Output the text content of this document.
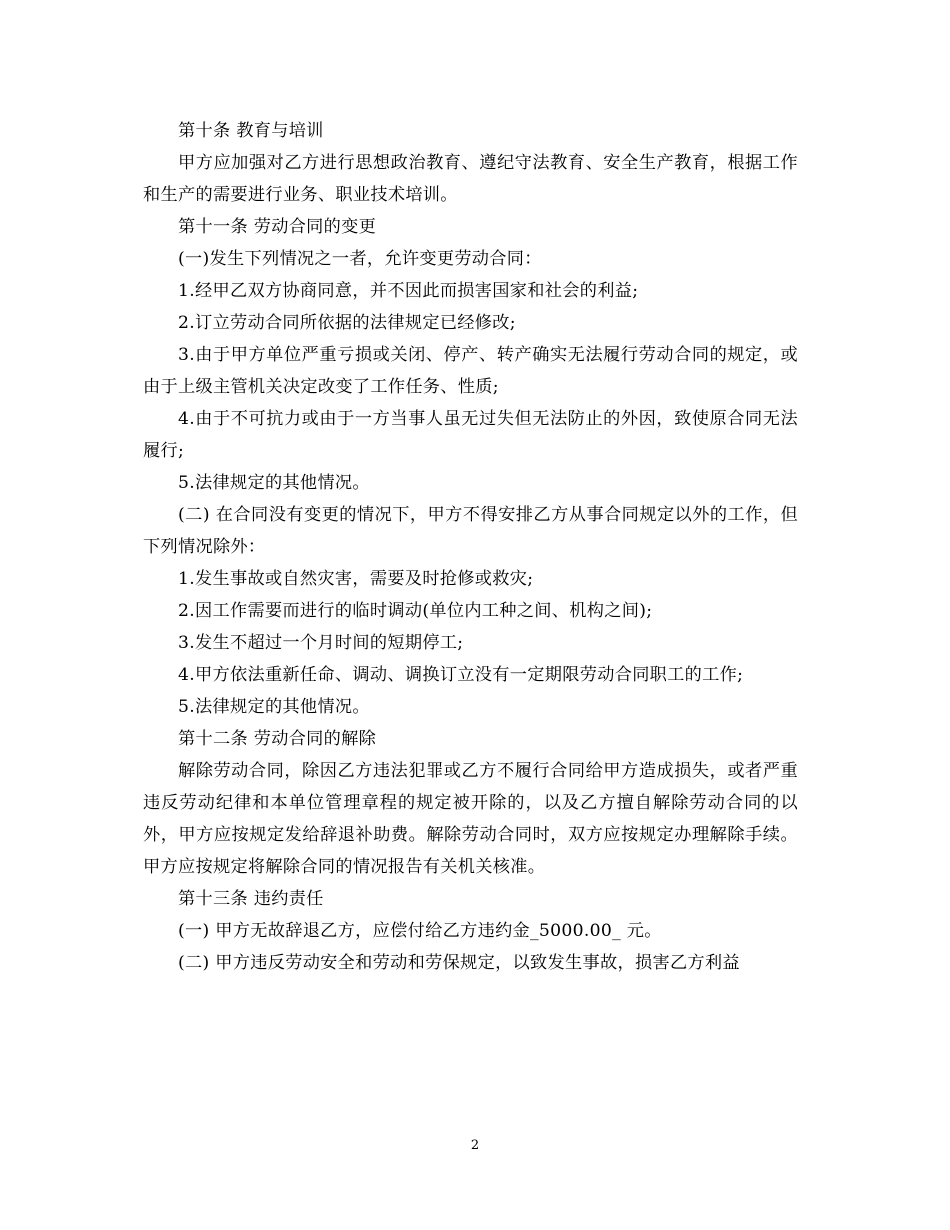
第十条 教育与培训

甲方应加强对乙方进行思想政治教育、遵纪守法教育、安全生产教育，根据工作和生产的需要进行业务、职业技术培训。

第十一条 劳动合同的变更

(一)发生下列情况之一者，允许变更劳动合同：

1.经甲乙双方协商同意，并不因此而损害国家和社会的利益;

2.订立劳动合同所依据的法律规定已经修改;

3.由于甲方单位严重亏损或关闭、停产、转产确实无法履行劳动合同的规定，或由于上级主管机关决定改变了工作任务、性质;

4.由于不可抗力或由于一方当事人虽无过失但无法防止的外因，致使原合同无法履行;

5.法律规定的其他情况。

(二) 在合同没有变更的情况下，甲方不得安排乙方从事合同规定以外的工作，但下列情况除外：

1.发生事故或自然灾害，需要及时抢修或救灾;

2.因工作需要而进行的临时调动(单位内工种之间、机构之间);

3.发生不超过一个月时间的短期停工;

4.甲方依法重新任命、调动、调换订立没有一定期限劳动合同职工的工作;

5.法律规定的其他情况。

第十二条 劳动合同的解除

解除劳动合同，除因乙方违法犯罪或乙方不履行合同给甲方造成损失，或者严重违反劳动纪律和本单位管理章程的规定被开除的，以及乙方擅自解除劳动合同的以外，甲方应按规定发给辞退补助费。解除劳动合同时，双方应按规定办理解除手续。甲方应按规定将解除合同的情况报告有关机关核准。

第十三条 违约责任

(一) 甲方无故辞退乙方，应偿付给乙方违约金_5000.00_ 元。

(二) 甲方违反劳动安全和劳动和劳保规定，以致发生事故，损害乙方利益

2
